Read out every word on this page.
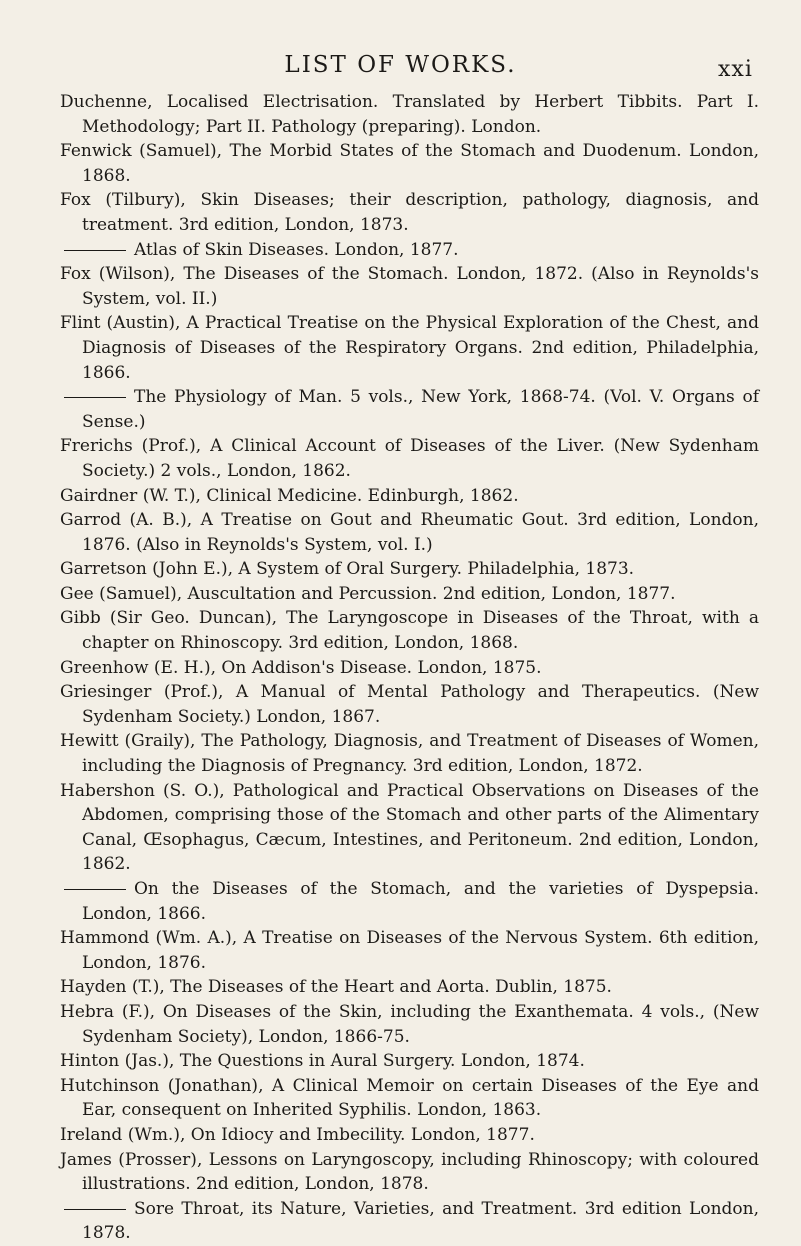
LIST OF WORKS.	xxi
Duchenne, Localised Electrisation. Translated by Herbert Tibbits. Part I. Methodology; Part II. Pathology (preparing). London.
Fenwick (Samuel), The Morbid States of the Stomach and Duodenum. London, 1868.
Fox (Tilbury), Skin Diseases; their description, pathology, diagnosis, and treatment. 3rd edition, London, 1873.
Atlas of Skin Diseases. London, 1877.
Fox (Wilson), The Diseases of the Stomach. London, 1872. (Also in Reynolds's System, vol. II.)
Flint (Austin), A Practical Treatise on the Physical Exploration of the Chest, and Diagnosis of Diseases of the Respiratory Organs. 2nd edition, Philadelphia, 1866.
The Physiology of Man. 5 vols., New York, 1868-74. (Vol. V. Organs of Sense.)
Frerichs (Prof.), A Clinical Account of Diseases of the Liver. (New Sydenham Society.) 2 vols., London, 1862.
Gairdner (W. T.), Clinical Medicine. Edinburgh, 1862.
Garrod (A. B.), A Treatise on Gout and Rheumatic Gout. 3rd edition, London, 1876. (Also in Reynolds's System, vol. I.)
Garretson (John E.), A System of Oral Surgery. Philadelphia, 1873.
Gee (Samuel), Auscultation and Percussion. 2nd edition, London, 1877.
Gibb (Sir Geo. Duncan), The Laryngoscope in Diseases of the Throat, with a chapter on Rhinoscopy. 3rd edition, London, 1868.
Greenhow (E. H.), On Addison's Disease. London, 1875.
Griesinger (Prof.), A Manual of Mental Pathology and Therapeutics. (New Sydenham Society.) London, 1867.
Hewitt (Graily), The Pathology, Diagnosis, and Treatment of Diseases of Women, including the Diagnosis of Pregnancy. 3rd edition, London, 1872.
Habershon (S. O.), Pathological and Practical Observations on Diseases of the Abdomen, comprising those of the Stomach and other parts of the Alimentary Canal, Œsophagus, Cæcum, Intestines, and Peritoneum. 2nd edition, London, 1862.
On the Diseases of the Stomach, and the varieties of Dyspepsia. London, 1866.
Hammond (Wm. A.), A Treatise on Diseases of the Nervous System. 6th edition, London, 1876.
Hayden (T.), The Diseases of the Heart and Aorta. Dublin, 1875.
Hebra (F.), On Diseases of the Skin, including the Exanthemata. 4 vols., (New Sydenham Society), London, 1866-75.
Hinton (Jas.), The Questions in Aural Surgery. London, 1874.
Hutchinson (Jonathan), A Clinical Memoir on certain Diseases of the Eye and Ear, consequent on Inherited Syphilis. London, 1863.
Ireland (Wm.), On Idiocy and Imbecility. London, 1877.
James (Prosser), Lessons on Laryngoscopy, including Rhinoscopy; with coloured illustrations. 2nd edition, London, 1878.
Sore Throat, its Nature, Varieties, and Treatment. 3rd edition London, 1878.
